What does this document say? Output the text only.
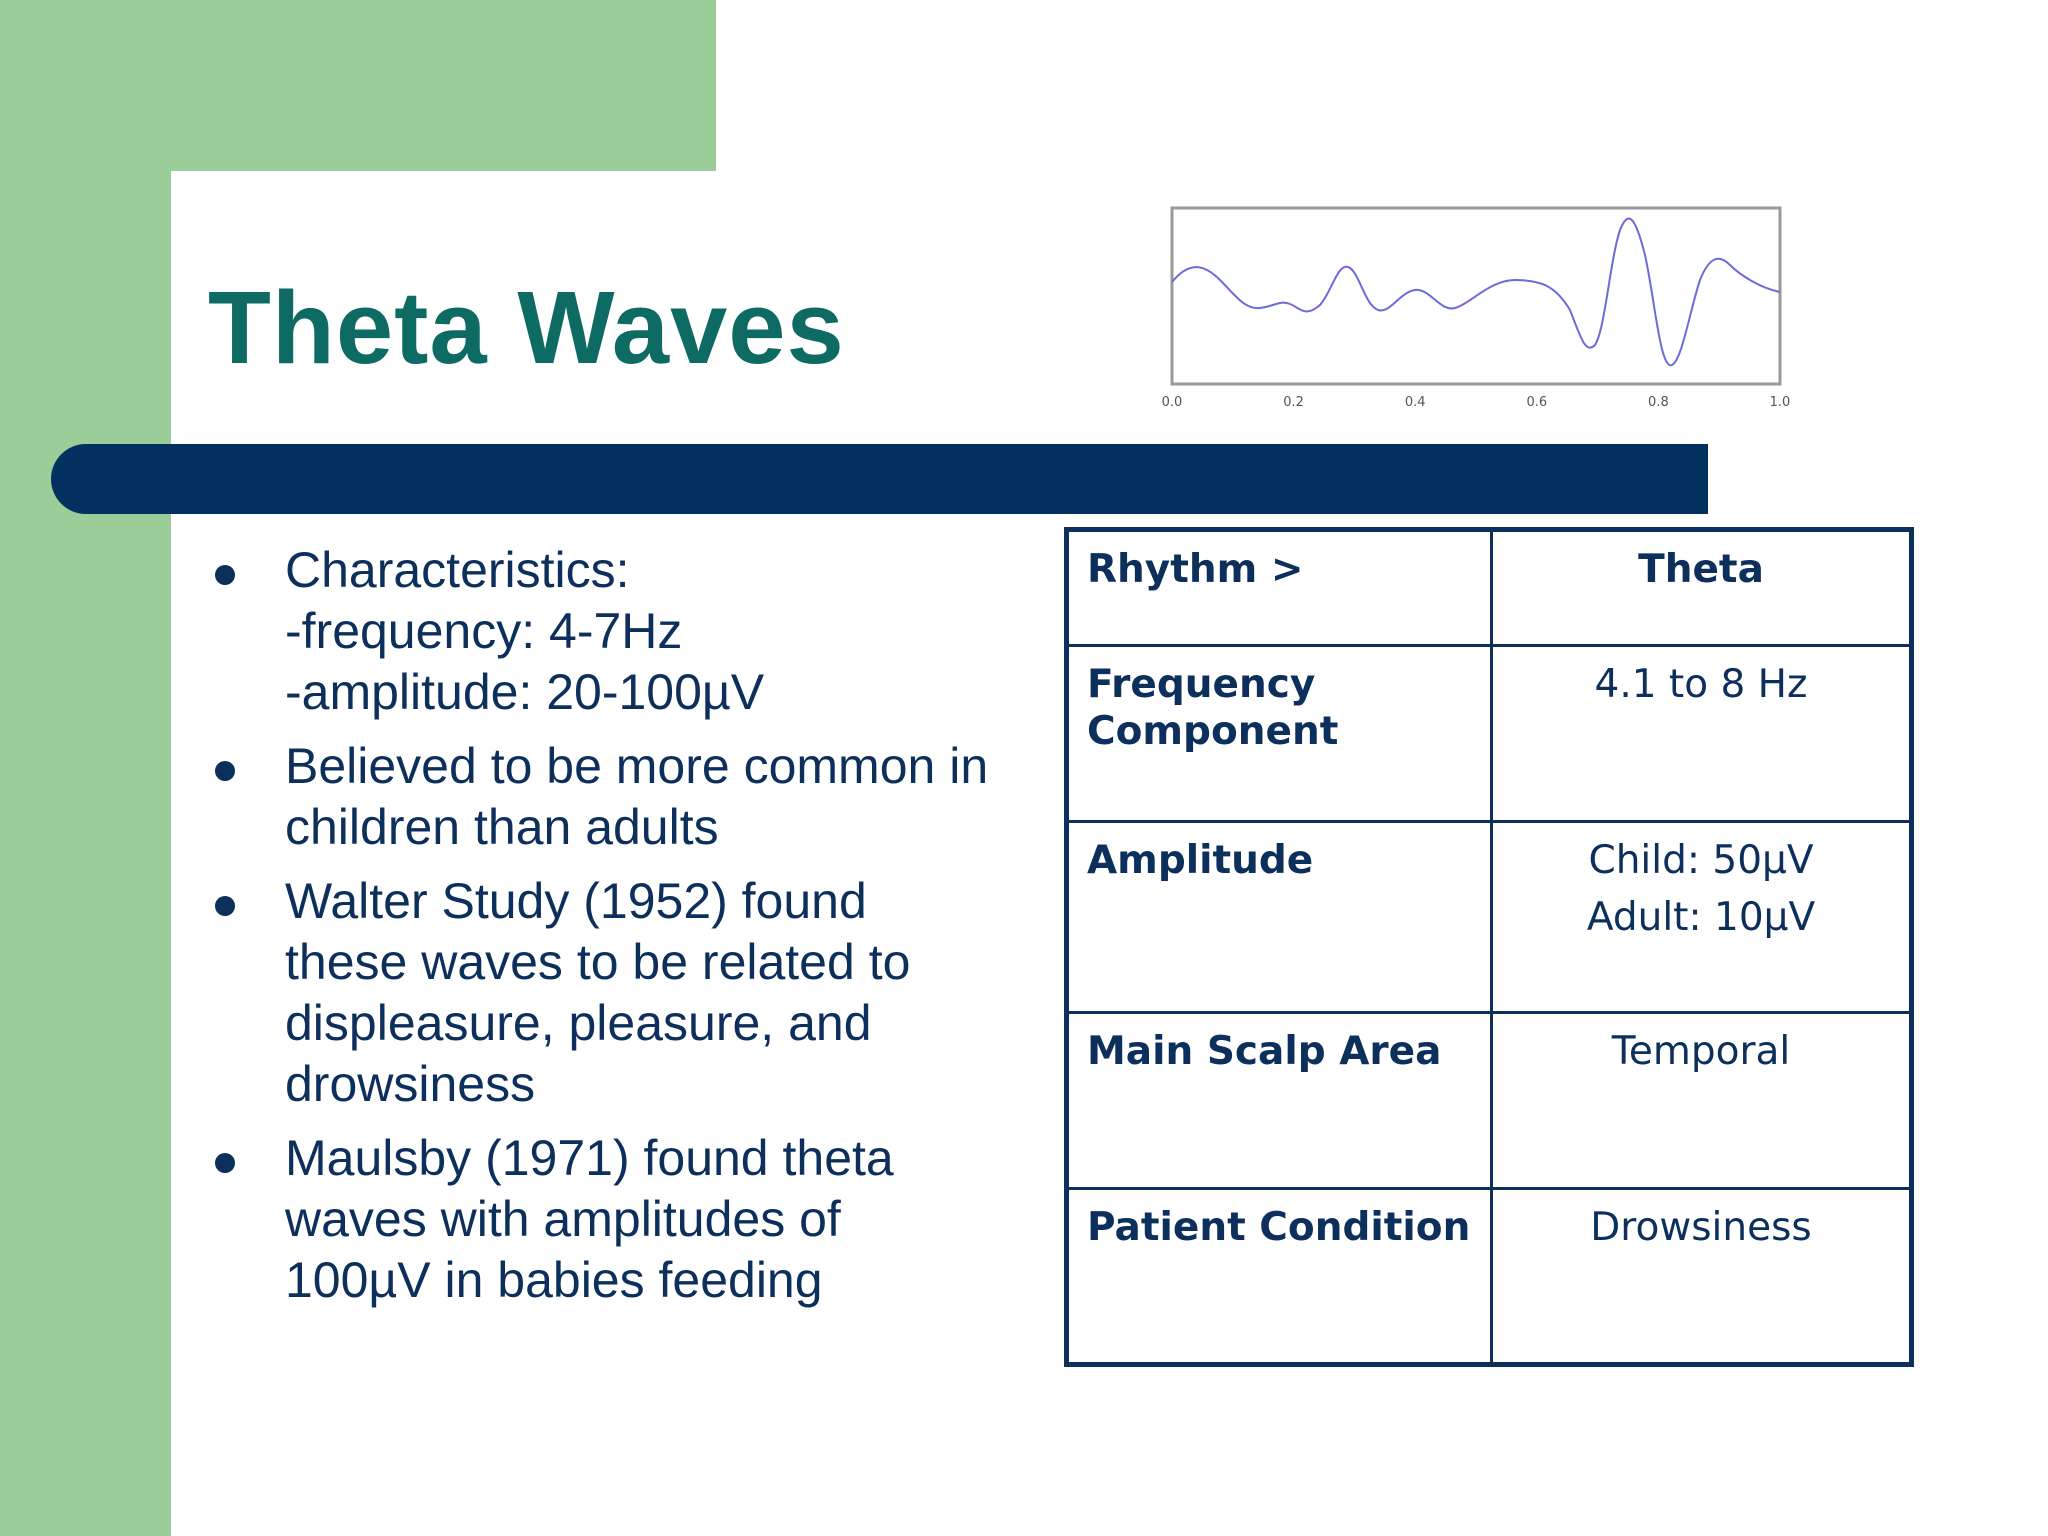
Theta Waves
0.0	0.2	0.4	0.6	0.8	1.0
Characteristics:
-frequency: 4-7Hz
-amplitude: 20-100µV
Believed to be more common in
children than adults
Walter Study (1952) found
these waves to be related to
displeasure, pleasure, and
drowsiness
Maulsby (1971) found theta
waves with amplitudes of
100µV in babies feeding
Rhythm >	Theta

Frequency
Component	4.1 to 8 Hz
Amplitude	Child: 50µV
Adult: 10µV

Main Scalp Area	Temporal
Patient Condition	Drowsiness
